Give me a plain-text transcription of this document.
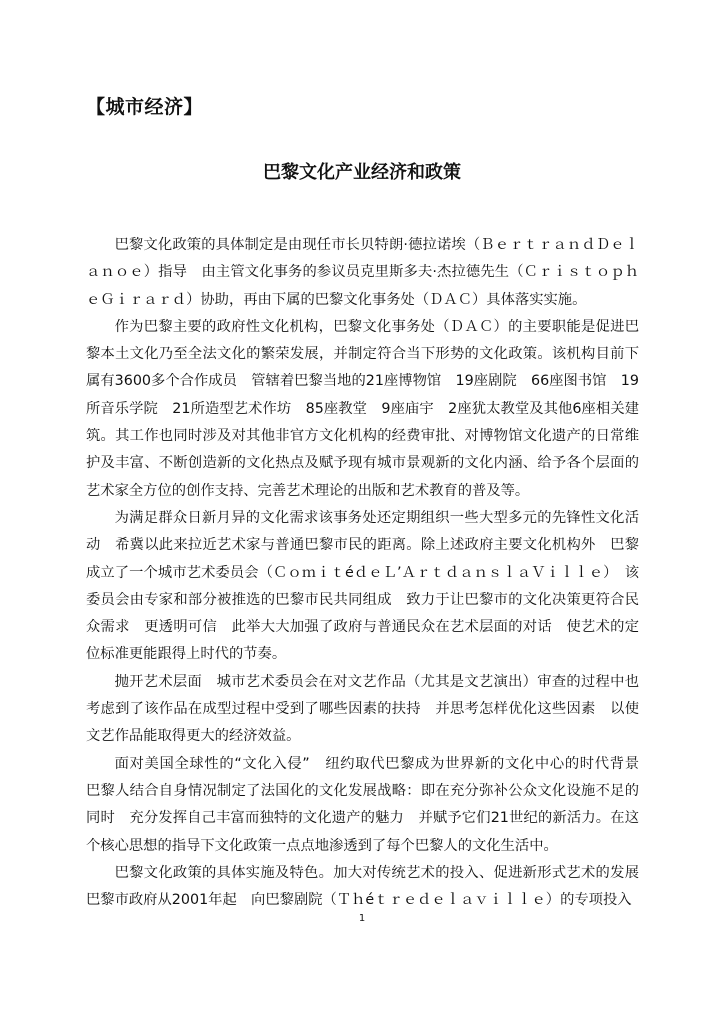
【城市经济】
巴黎文化产业经济和政策

巴黎文化政策的具体制定是由现任市长贝特朗·德拉诺埃（ＢｅｒｔｒａｎｄＤｅｌａｎｏｅ）指导　由主管文化事务的参议员克里斯多夫·杰拉德先生（ＣｒｉｓｔｏｐｈｅＧｉｒａｒｄ）协助，再由下属的巴黎文化事务处（ＤＡＣ）具体落实实施。

作为巴黎主要的政府性文化机构，巴黎文化事务处（ＤＡＣ）的主要职能是促进巴黎本土文化乃至全法文化的繁荣发展，并制定符合当下形势的文化政策。该机构目前下属有3600多个合作成员　管辖着巴黎当地的21座博物馆　19座剧院　66座图书馆　19所音乐学院　21所造型艺术作坊　85座教堂　9座庙宇　2座犹太教堂及其他6座相关建筑。其工作也同时涉及对其他非官方文化机构的经费审批、对博物馆文化遗产的日常维护及丰富、不断创造新的文化热点及赋予现有城市景观新的文化内涵、给予各个层面的艺术家全方位的创作支持、完善艺术理论的出版和艺术教育的普及等。

为满足群众日新月异的文化需求该事务处还定期组织一些大型多元的先锋性文化活动　希冀以此来拉近艺术家与普通巴黎市民的距离。除上述政府主要文化机构外　巴黎成立了一个城市艺术委员会（ＣｏｍｉｔéｄｅＬ’ＡｒｔｄａｎｓｌａＶｉｌｌｅ）　该委员会由专家和部分被推选的巴黎市民共同组成　致力于让巴黎市的文化决策更符合民众需求　更透明可信　此举大大加强了政府与普通民众在艺术层面的对话　使艺术的定位标准更能跟得上时代的节奏。

抛开艺术层面　城市艺术委员会在对文艺作品（尤其是文艺演出）审查的过程中也考虑到了该作品在成型过程中受到了哪些因素的扶持　并思考怎样优化这些因素　以使文艺作品能取得更大的经济效益。

面对美国全球性的“文化入侵”　纽约取代巴黎成为世界新的文化中心的时代背景　巴黎人结合自身情况制定了法国化的文化发展战略：即在充分弥补公众文化设施不足的同时　充分发挥自己丰富而独特的文化遗产的魅力　并赋予它们21世纪的新活力。在这个核心思想的指导下文化政策一点点地渗透到了每个巴黎人的文化生活中。

巴黎文化政策的具体实施及特色。加大对传统艺术的投入、促进新形式艺术的发展巴黎市政府从2001年起　向巴黎剧院（Ｔｈéｔｒｅｄｅｌａｖｉｌｌｅ）的专项投入

1
